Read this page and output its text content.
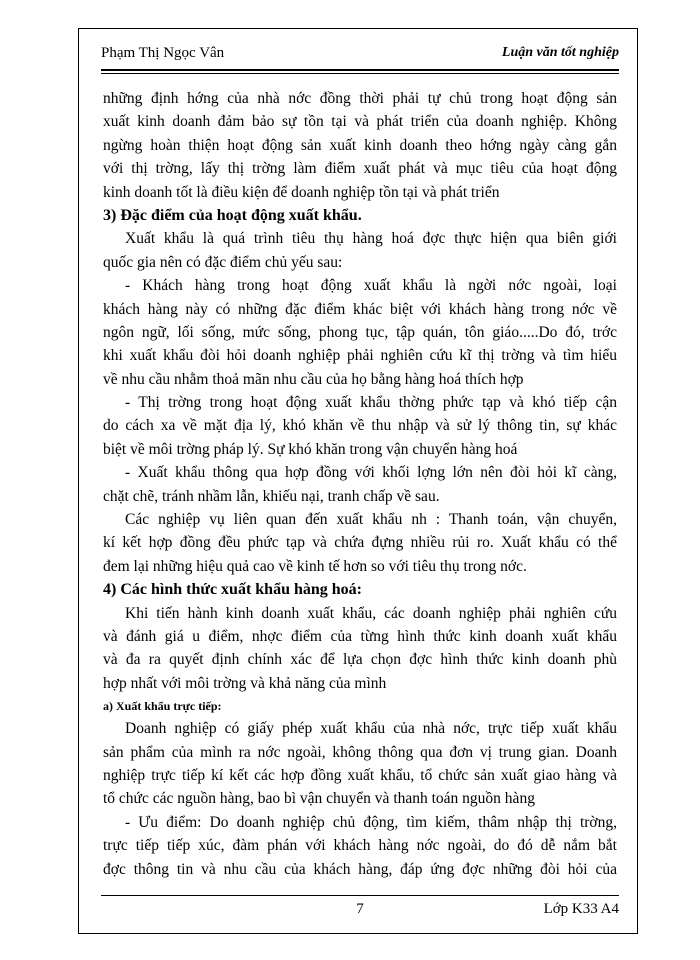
Phạm Thị Ngọc Vân	Luận văn tốt nghiệp
những định hớng của nhà nớc đồng thời phải tự chủ trong hoạt động sản
xuất kinh doanh đảm bảo sự tồn tại và phát triển của doanh nghiệp. Không
ngừng hoàn thiện hoạt động sản xuất kinh doanh theo hớng ngày càng gắn
với thị trờng, lấy thị trờng làm điểm xuất phát và mục tiêu của hoạt động
kinh doanh tốt là điều kiện để doanh nghiệp tồn tại và phát triển
3) Đặc điểm của hoạt động xuất khẩu.
Xuất khẩu là quá trình tiêu thụ hàng hoá đợc thực hiện qua biên giới
quốc gia nên có đặc điểm chủ yếu sau:
- Khách hàng trong hoạt động xuất khẩu là ngời nớc ngoài, loại
khách hàng này có những đặc điểm khác biệt với khách hàng trong nớc về
ngôn ngữ, lối sống, mức sống, phong tục, tập quán, tôn giáo.....Do đó, trớc
khi xuất khẩu đòi hỏi doanh nghiệp phải nghiên cứu kĩ thị trờng và tìm hiểu
về nhu cầu nhằm thoả mãn nhu cầu của họ bằng hàng hoá thích hợp
- Thị trờng trong hoạt động xuất khẩu thờng phức tạp và khó tiếp cận
do cách xa về mặt địa lý, khó khăn về thu nhập và sử lý thông tin, sự khác
biệt về môi trờng pháp lý. Sự khó khăn trong vận chuyển hàng hoá
- Xuất khẩu thông qua hợp đồng với khối lợng lớn nên đòi hỏi kĩ càng,
chặt chẽ, tránh nhầm lẫn, khiếu nại, tranh chấp về sau.
Các nghiệp vụ liên quan đến xuất khẩu nh : Thanh toán, vận chuyển,
kí kết hợp đồng đều phức tạp và chứa đựng nhiều rủi ro. Xuất khẩu có thể
đem lại những hiệu quả cao về kinh tế hơn so với tiêu thụ trong nớc.
4) Các hình thức xuất khẩu hàng hoá:
Khi tiến hành kinh doanh xuất khẩu, các doanh nghiệp phải nghiên cứu
và đánh giá u điểm, nhợc điểm của từng hình thức kinh doanh xuất khẩu
và đa ra quyết định chính xác để lựa chọn đợc hình thức kinh doanh phù
hợp nhất với môi trờng và khả năng của mình
a) Xuất khẩu trực tiếp:
Doanh nghiệp có giấy phép xuất khẩu của nhà nớc, trực tiếp xuất khẩu
sản phẩm của mình ra nớc ngoài, không thông qua đơn vị trung gian. Doanh
nghiệp trực tiếp kí kết các hợp đồng xuất khẩu, tổ chức sản xuất giao hàng và
tổ chức các nguồn hàng, bao bì vận chuyển và thanh toán nguồn hàng
- Ưu điểm: Do doanh nghiệp chủ động, tìm kiếm, thâm nhập thị trờng,
trực tiếp tiếp xúc, đàm phán với khách hàng nớc ngoài, do đó dễ nắm bắt
đợc thông tin và nhu cầu của khách hàng, đáp ứng đợc những đòi hỏi của
7	Lớp K33 A4
